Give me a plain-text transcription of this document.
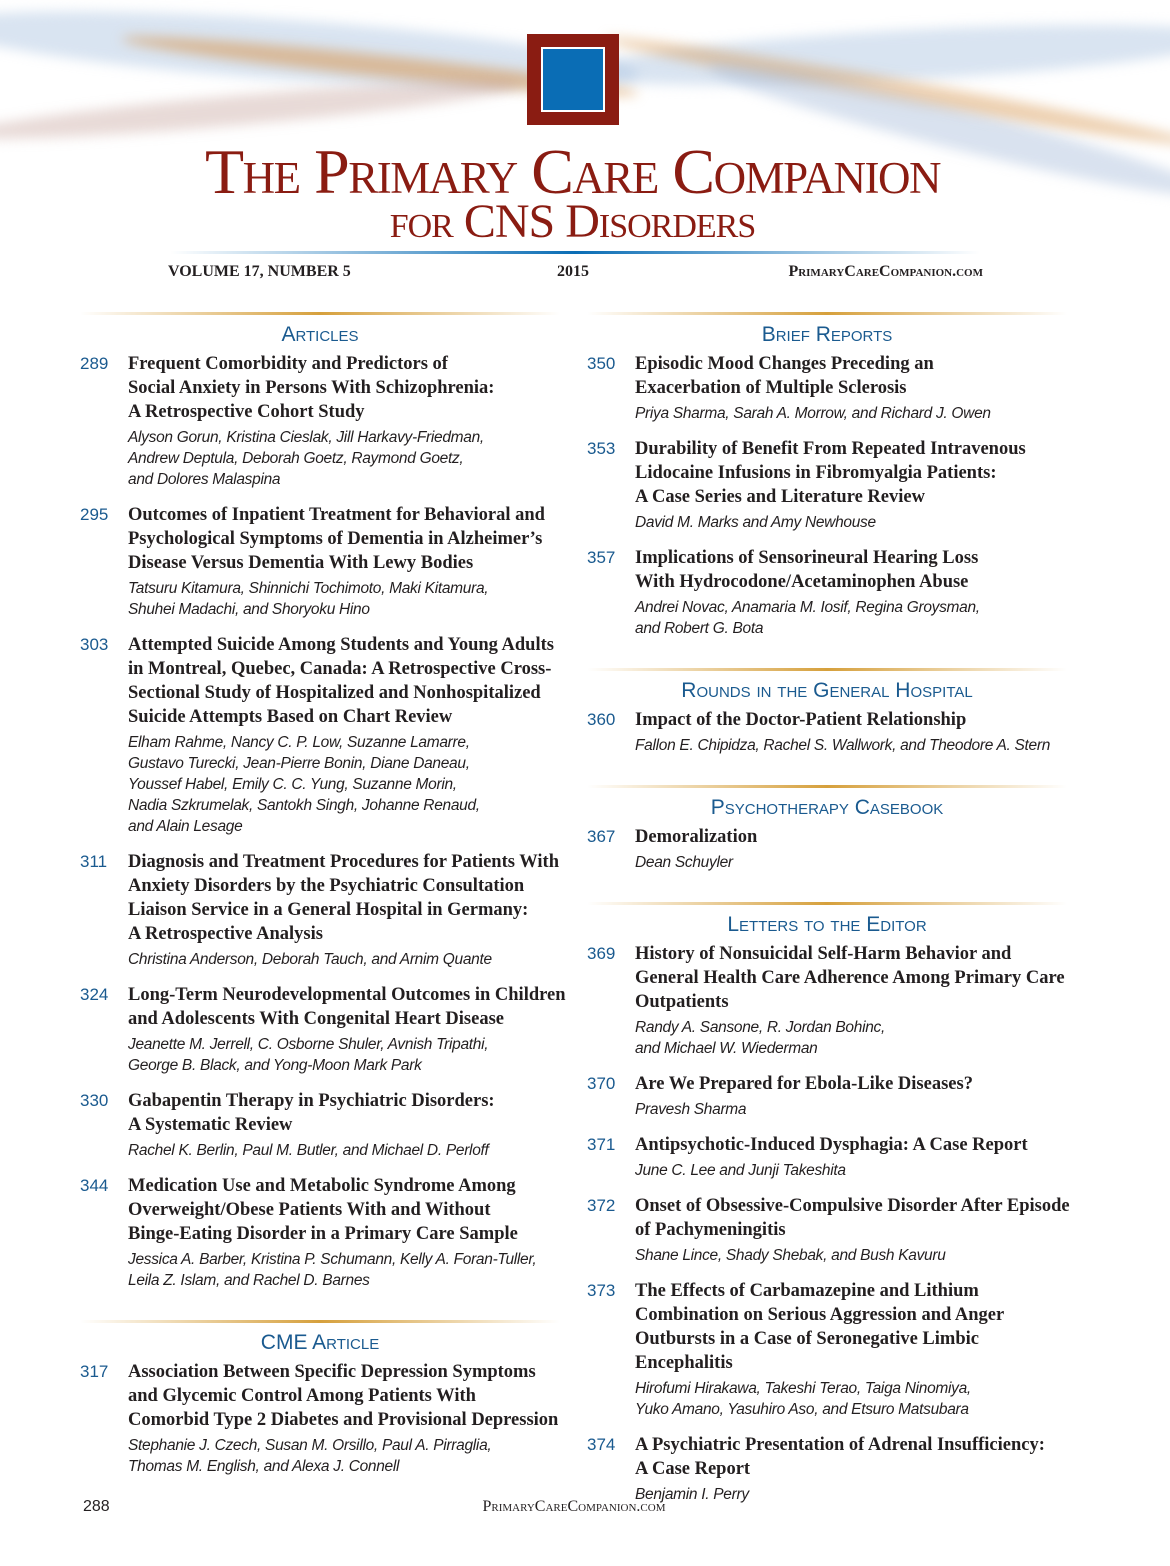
The Primary Care Companion
for CNS Disorders
VOLUME 17, NUMBER 5	2015	PrimaryCareCompanion.com
Articles
289 Frequent Comorbidity and Predictors of
Social Anxiety in Persons With Schizophrenia:
A Retrospective Cohort Study
Alyson Gorun, Kristina Cieslak, Jill Harkavy-Friedman,
Andrew Deptula, Deborah Goetz, Raymond Goetz,
and Dolores Malaspina
295 Outcomes of Inpatient Treatment for Behavioral and
Psychological Symptoms of Dementia in Alzheimer’s
Disease Versus Dementia With Lewy Bodies
Tatsuru Kitamura, Shinnichi Tochimoto, Maki Kitamura,
Shuhei Madachi, and Shoryoku Hino
303 Attempted Suicide Among Students and Young Adults
in Montreal, Quebec, Canada: A Retrospective Cross-
Sectional Study of Hospitalized and Nonhospitalized
Suicide Attempts Based on Chart Review
Elham Rahme, Nancy C. P. Low, Suzanne Lamarre,
Gustavo Turecki, Jean-Pierre Bonin, Diane Daneau,
Youssef Habel, Emily C. C. Yung, Suzanne Morin,
Nadia Szkrumelak, Santokh Singh, Johanne Renaud,
and Alain Lesage
311 Diagnosis and Treatment Procedures for Patients With
Anxiety Disorders by the Psychiatric Consultation
Liaison Service in a General Hospital in Germany:
A Retrospective Analysis
Christina Anderson, Deborah Tauch, and Arnim Quante
324 Long-Term Neurodevelopmental Outcomes in Children
and Adolescents With Congenital Heart Disease
Jeanette M. Jerrell, C. Osborne Shuler, Avnish Tripathi,
George B. Black, and Yong-Moon Mark Park
330 Gabapentin Therapy in Psychiatric Disorders:
A Systematic Review
Rachel K. Berlin, Paul M. Butler, and Michael D. Perloff
344 Medication Use and Metabolic Syndrome Among
Overweight/Obese Patients With and Without
Binge-Eating Disorder in a Primary Care Sample
Jessica A. Barber, Kristina P. Schumann, Kelly A. Foran-Tuller,
Leila Z. Islam, and Rachel D. Barnes
CME Article
317 Association Between Specific Depression Symptoms
and Glycemic Control Among Patients With
Comorbid Type 2 Diabetes and Provisional Depression
Stephanie J. Czech, Susan M. Orsillo, Paul A. Pirraglia,
Thomas M. English, and Alexa J. Connell
Brief Reports
350 Episodic Mood Changes Preceding an
Exacerbation of Multiple Sclerosis
Priya Sharma, Sarah A. Morrow, and Richard J. Owen
353 Durability of Benefit From Repeated Intravenous
Lidocaine Infusions in Fibromyalgia Patients:
A Case Series and Literature Review
David M. Marks and Amy Newhouse
357 Implications of Sensorineural Hearing Loss
With Hydrocodone/Acetaminophen Abuse
Andrei Novac, Anamaria M. Iosif, Regina Groysman,
and Robert G. Bota
Rounds in the General Hospital
360 Impact of the Doctor-Patient Relationship
Fallon E. Chipidza, Rachel S. Wallwork, and Theodore A. Stern
Psychotherapy Casebook
367 Demoralization
Dean Schuyler
Letters to the Editor
369 History of Nonsuicidal Self-Harm Behavior and
General Health Care Adherence Among Primary Care
Outpatients
Randy A. Sansone, R. Jordan Bohinc,
and Michael W. Wiederman
370 Are We Prepared for Ebola-Like Diseases?
Pravesh Sharma
371 Antipsychotic-Induced Dysphagia: A Case Report
June C. Lee and Junji Takeshita
372 Onset of Obsessive-Compulsive Disorder After Episode
of Pachymeningitis
Shane Lince, Shady Shebak, and Bush Kavuru
373 The Effects of Carbamazepine and Lithium
Combination on Serious Aggression and Anger
Outbursts in a Case of Seronegative Limbic Encephalitis
Hirofumi Hirakawa, Takeshi Terao, Taiga Ninomiya,
Yuko Amano, Yasuhiro Aso, and Etsuro Matsubara
374 A Psychiatric Presentation of Adrenal Insufficiency:
A Case Report
Benjamin I. Perry
288	PrimaryCareCompanion.com
